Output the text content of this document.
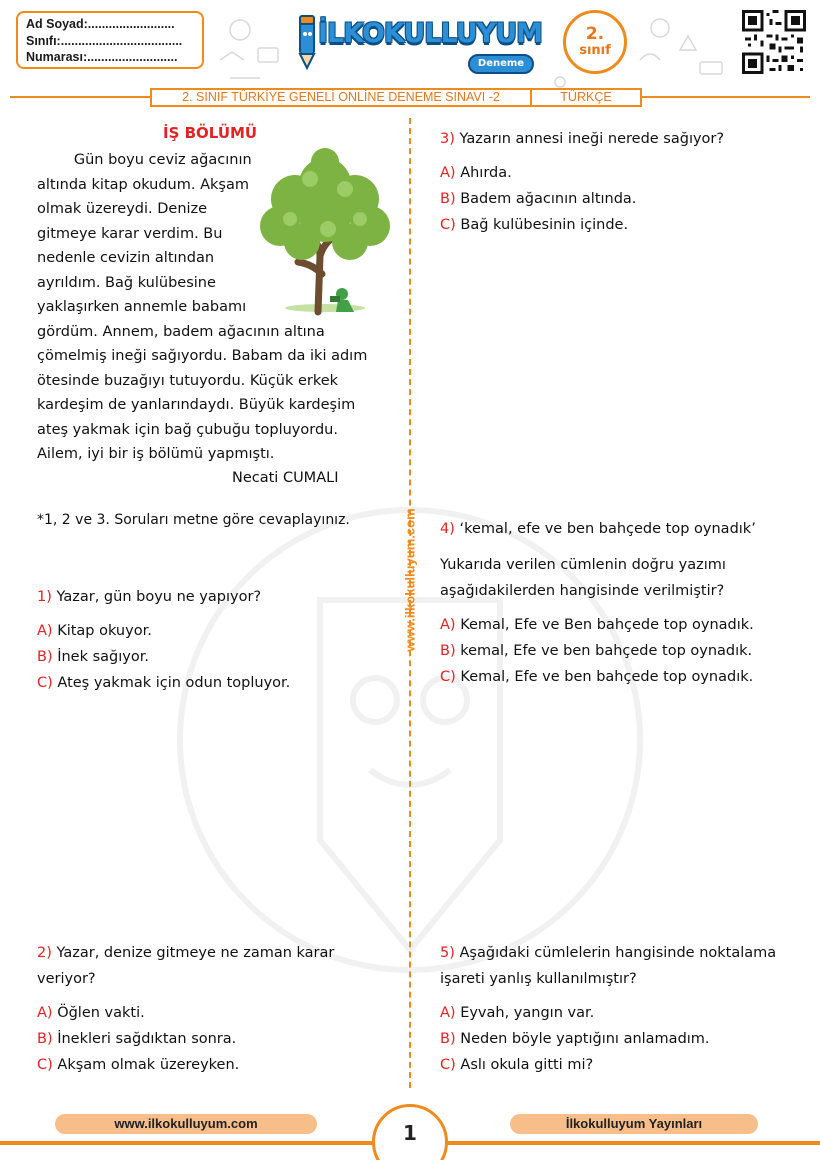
Ad Soyad:.........................
Sınıfı:...................................
Numarası:..........................
İLKOKULLUYUM
Deneme
2.
sınıf
2. SINIF TÜRKİYE GENELİ ONLİNE DENEME SINAVI -2	TÜRKÇE
www.ilkokulluyum.com
İŞ BÖLÜMÜ
Gün boyu ceviz ağacının
altında kitap okudum. Akşam
olmak üzereydi. Denize
gitmeye karar verdim. Bu
nedenle cevizin altından
ayrıldım. Bağ kulübesine
yaklaşırken annemle babamı
gördüm. Annem, badem ağacının altına
çömelmiş ineği sağıyordu. Babam da iki adım
ötesinde buzağıyı tutuyordu. Küçük erkek
kardeşim de yanlarındaydı. Büyük kardeşim
ateş yakmak için bağ çubuğu topluyordu.
Ailem, iyi bir iş bölümü yapmıştı.
Necati CUMALI
*1, 2 ve 3. Soruları metne göre cevaplayınız.
1) Yazar, gün boyu ne yapıyor?
A) Kitap okuyor.
B) İnek sağıyor.
C) Ateş yakmak için odun topluyor.
2) Yazar, denize gitmeye ne zaman karar veriyor?
A) Öğlen vakti.
B) İnekleri sağdıktan sonra.
C) Akşam olmak üzereyken.
3) Yazarın annesi ineği nerede sağıyor?
A) Ahırda.
B) Badem ağacının altında.
C) Bağ kulübesinin içinde.
4) ‘kemal, efe ve ben bahçede top oynadık’
Yukarıda verilen cümlenin doğru yazımı aşağıdakilerden hangisinde verilmiştir?
A) Kemal, Efe ve Ben bahçede top oynadık.
B) kemal, Efe ve ben bahçede top oynadık.
C) Kemal, Efe ve ben bahçede top oynadık.
5) Aşağıdaki cümlelerin hangisinde noktalama işareti yanlış kullanılmıştır?
A) Eyvah, yangın var.
B) Neden böyle yaptığını anlamadım.
C) Aslı okula gitti mi?
www.ilkokulluyum.com	İlkokulluyum Yayınları
1
